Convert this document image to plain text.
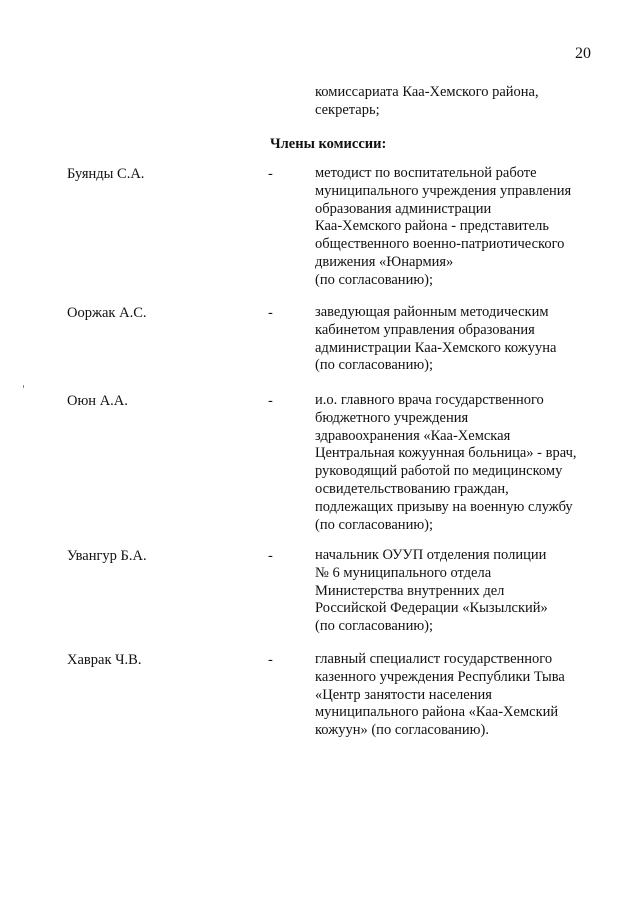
20
комиссариата Каа-Хемского района,
секретарь;
Члены комиссии:
Буянды С.А.	-	методист по воспитательной работе
муниципального учреждения управления
образования администрации
Каа-Хемского района - представитель
общественного военно-патриотического
движения «Юнармия»
(по согласованию);
Ооржак А.С.	-	заведующая районным методическим
кабинетом управления образования
администрации Каа-Хемского кожууна
(по согласованию);
Оюн А.А.	-	и.о. главного врача государственного
бюджетного учреждения
здравоохранения «Каа-Хемская
Центральная кожуунная больница» - врач,
руководящий работой по медицинскому
освидетельствованию граждан,
подлежащих призыву на военную службу
(по согласованию);
Увангур Б.А.	-	начальник ОУУП отделения полиции
№ 6 муниципального отдела
Министерства внутренних дел
Российской Федерации «Кызылский»
(по согласованию);
Хаврак Ч.В.	-	главный специалист государственного
казенного учреждения Республики Тыва
«Центр занятости населения
муниципального района «Каа-Хемский
кожуун» (по согласованию).
